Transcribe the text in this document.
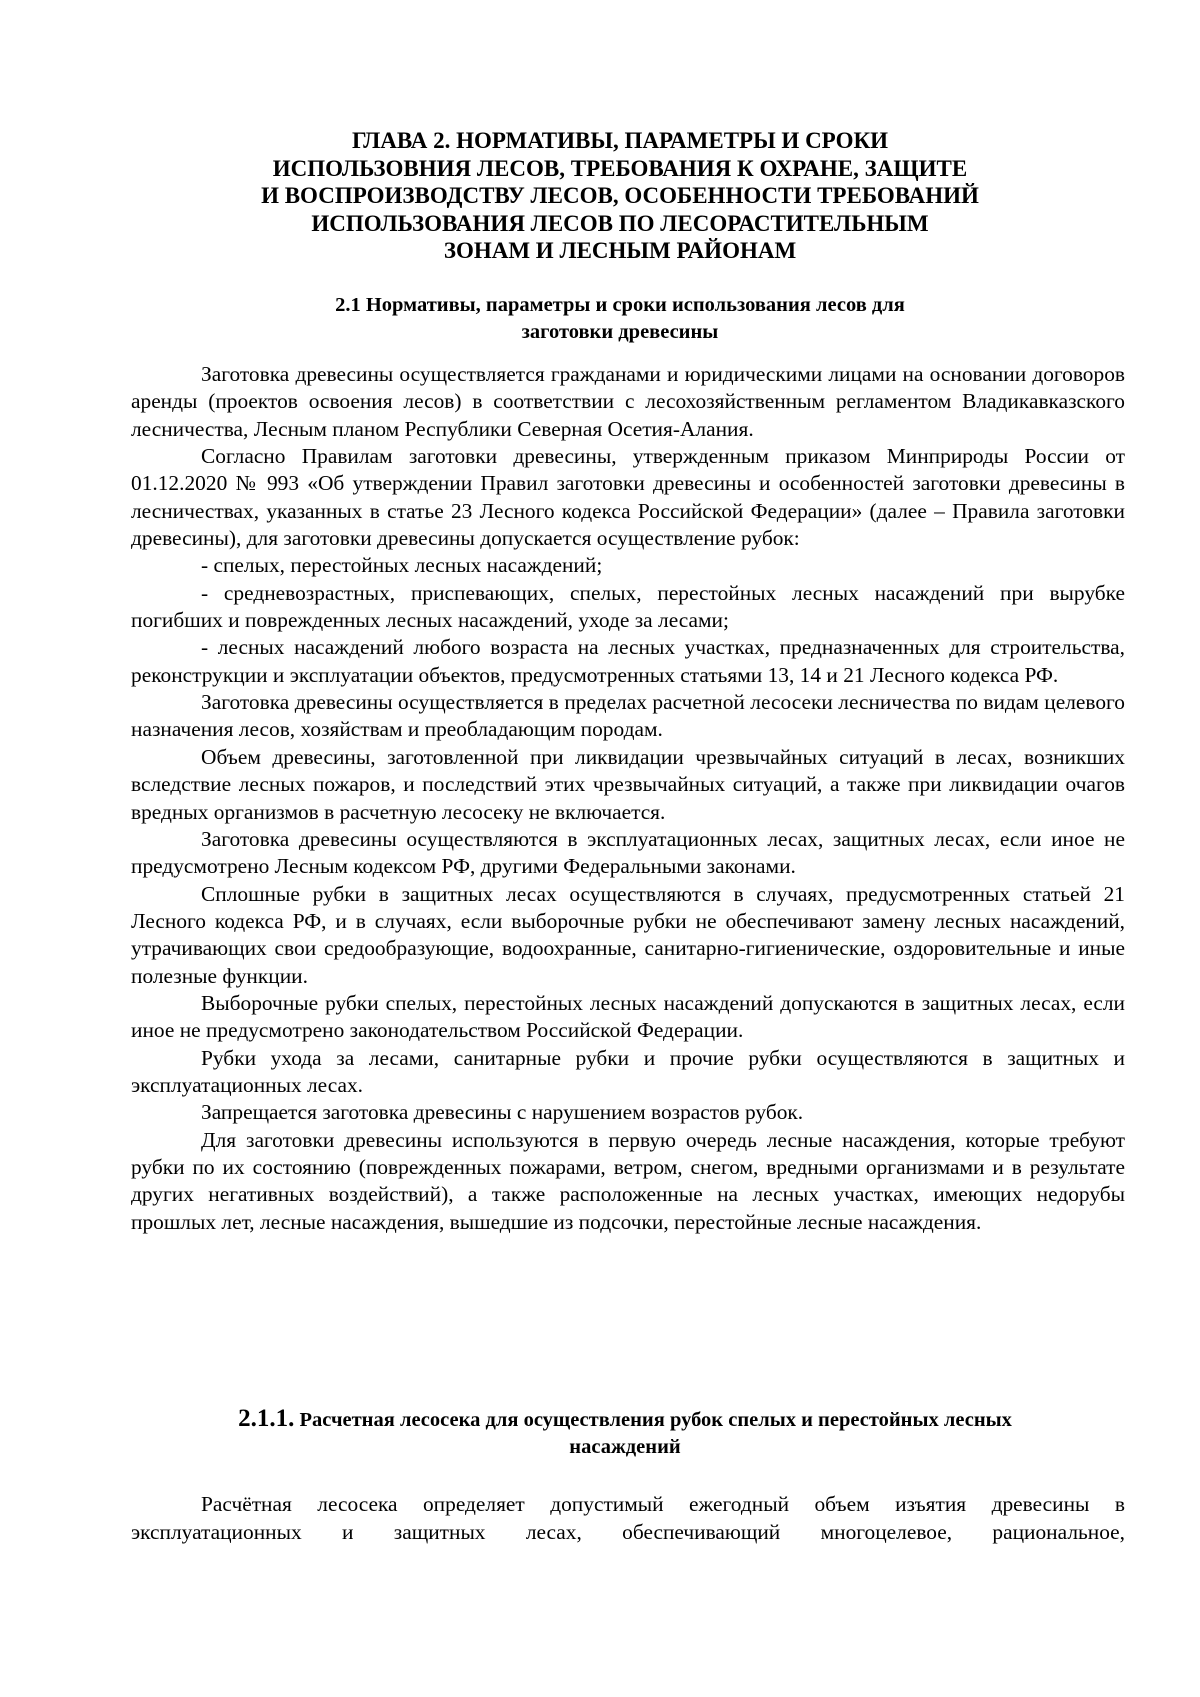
ГЛАВА 2. НОРМАТИВЫ, ПАРАМЕТРЫ И СРОКИ
ИСПОЛЬЗОВНИЯ ЛЕСОВ, ТРЕБОВАНИЯ К ОХРАНЕ, ЗАЩИТЕ
И ВОСПРОИЗВОДСТВУ ЛЕСОВ, ОСОБЕННОСТИ ТРЕБОВАНИЙ
ИСПОЛЬЗОВАНИЯ ЛЕСОВ ПО ЛЕСОРАСТИТЕЛЬНЫМ
ЗОНАМ И ЛЕСНЫМ РАЙОНАМ
2.1 Нормативы, параметры и сроки использования лесов для
заготовки древесины

Заготовка древесины осуществляется гражданами и юридическими лицами на основании договоров аренды (проектов освоения лесов) в соответствии с лесохозяйственным регламентом Владикавказского лесничества, Лесным планом Республики Северная Осетия-Алания.

Согласно Правилам заготовки древесины, утвержденным приказом Минприроды России от 01.12.2020 № 993 «Об утверждении Правил заготовки древесины и особенностей заготовки древесины в лесничествах, указанных в статье 23 Лесного кодекса Российской Федерации» (далее – Правила заготовки древесины), для заготовки древесины допускается осуществление рубок:

- спелых, перестойных лесных насаждений;

- средневозрастных, приспевающих, спелых, перестойных лесных насаждений при вырубке погибших и поврежденных лесных насаждений, уходе за лесами;

- лесных насаждений любого возраста на лесных участках, предназначенных для строительства, реконструкции и эксплуатации объектов, предусмотренных статьями 13, 14 и 21 Лесного кодекса РФ.

Заготовка древесины осуществляется в пределах расчетной лесосеки лесничества по видам целевого назначения лесов, хозяйствам и преобладающим породам.

Объем древесины, заготовленной при ликвидации чрезвычайных ситуаций в лесах, возникших вследствие лесных пожаров, и последствий этих чрезвычайных ситуаций, а также при ликвидации очагов вредных организмов в расчетную лесосеку не включается.

Заготовка древесины осуществляются в эксплуатационных лесах, защитных лесах, если иное не предусмотрено Лесным кодексом РФ, другими Федеральными законами.

Сплошные рубки в защитных лесах осуществляются в случаях, предусмотренных статьей 21 Лесного кодекса РФ, и в случаях, если выборочные рубки не обеспечивают замену лесных насаждений, утрачивающих свои средообразующие, водоохранные, санитарно-гигиенические, оздоровительные и иные полезные функции.

Выборочные рубки спелых, перестойных лесных насаждений допускаются в защитных лесах, если иное не предусмотрено законодательством Российской Федерации.

Рубки ухода за лесами, санитарные рубки и прочие рубки осуществляются в защитных и эксплуатационных лесах.

Запрещается заготовка древесины с нарушением возрастов рубок.

Для заготовки древесины используются в первую очередь лесные насаждения, которые требуют рубки по их состоянию (поврежденных пожарами, ветром, снегом, вредными организмами и в результате других негативных воздействий), а также расположенные на лесных участках, имеющих недорубы прошлых лет, лесные насаждения, вышедшие из подсочки, перестойные лесные насаждения.

2.1.1. Расчетная лесосека для осуществления рубок спелых и перестойных лесных
насаждений

Расчётная лесосека определяет допустимый ежегодный объем изъятия древесины в эксплуатационных и защитных лесах, обеспечивающий многоцелевое, рациональное,
